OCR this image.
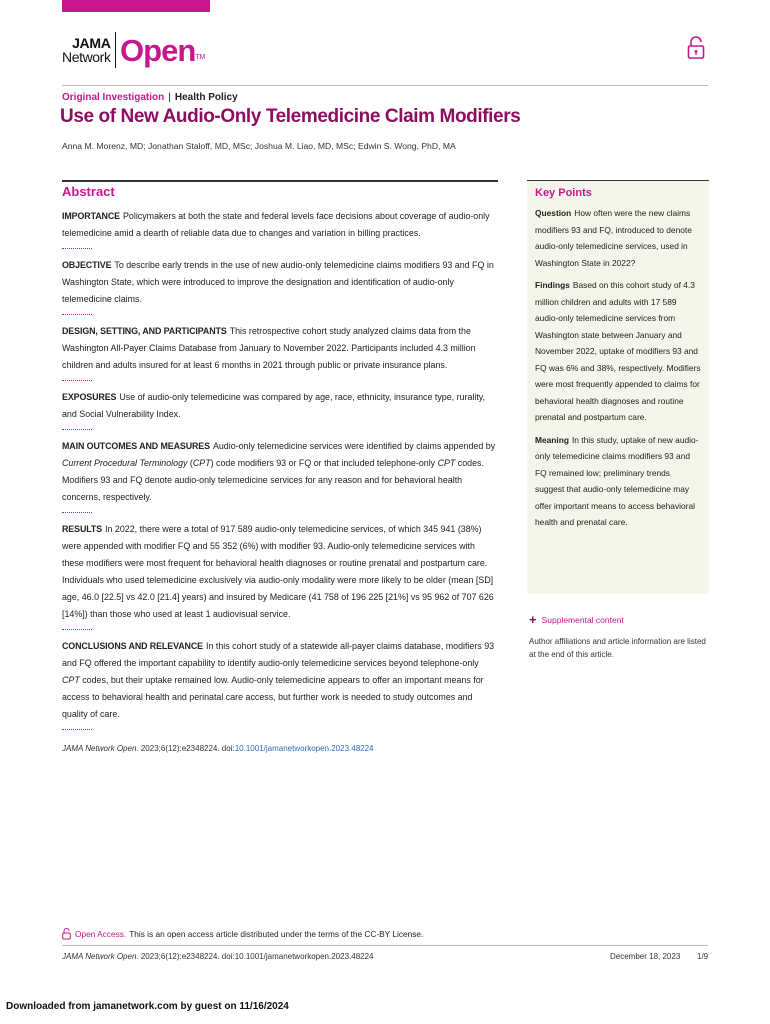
JAMA
Network Open TM
Original Investigation | Health Policy
Use of New Audio-Only Telemedicine Claim Modifiers
Anna M. Morenz, MD; Jonathan Staloff, MD, MSc; Joshua M. Liao, MD, MSc; Edwin S. Wong, PhD, MA
Abstract

IMPORTANCE Policymakers at both the state and federal levels face decisions about coverage of audio-only telemedicine amid a dearth of reliable data due to changes and variation in billing practices.

OBJECTIVE To describe early trends in the use of new audio-only telemedicine claims modifiers 93 and FQ in Washington State, which were introduced to improve the designation and identification of audio-only telemedicine claims.

DESIGN, SETTING, AND PARTICIPANTS This retrospective cohort study analyzed claims data from the Washington All-Payer Claims Database from January to November 2022. Participants included 4.3 million children and adults insured for at least 6 months in 2021 through public or private insurance plans.

EXPOSURES Use of audio-only telemedicine was compared by age, race, ethnicity, insurance type, rurality, and Social Vulnerability Index.

MAIN OUTCOMES AND MEASURES Audio-only telemedicine services were identified by claims appended by Current Procedural Terminology (CPT) code modifiers 93 or FQ or that included telephone-only CPT codes. Modifiers 93 and FQ denote audio-only telemedicine services for any reason and for behavioral health concerns, respectively.

RESULTS In 2022, there were a total of 917 589 audio-only telemedicine services, of which 345 941 (38%) were appended with modifier FQ and 55 352 (6%) with modifier 93. Audio-only telemedicine services with these modifiers were most frequent for behavioral health diagnoses or routine prenatal and postpartum care. Individuals who used telemedicine exclusively via audio-only modality were more likely to be older (mean [SD] age, 46.0 [22.5] vs 42.0 [21.4] years) and insured by Medicare (41 758 of 196 225 [21%] vs 95 962 of 707 626 [14%]) than those who used at least 1 audiovisual service.

CONCLUSIONS AND RELEVANCE In this cohort study of a statewide all-payer claims database, modifiers 93 and FQ offered the important capability to identify audio-only telemedicine services beyond telephone-only CPT codes, but their uptake remained low. Audio-only telemedicine appears to offer an important means for access to behavioral health and perinatal care access, but further work is needed to study outcomes and quality of care.

JAMA Network Open. 2023;6(12):e2348224. doi:10.1001/jamanetworkopen.2023.48224

Key Points

Question How often were the new claims modifiers 93 and FQ, introduced to denote audio-only telemedicine services, used in Washington State in 2022?

Findings Based on this cohort study of 4.3 million children and adults with 17 589 audio-only telemedicine services from Washington state between January and November 2022, uptake of modifiers 93 and FQ was 6% and 38%, respectively. Modifiers were most frequently appended to claims for behavioral health diagnoses and routine prenatal and postpartum care.

Meaning In this study, uptake of new audio-only telemedicine claims modifiers 93 and FQ remained low; preliminary trends suggest that audio-only telemedicine may offer important means to access behavioral health and prenatal care.

+ Supplemental content

Author affiliations and article information are listed at the end of this article.

Open Access. This is an open access article distributed under the terms of the CC-BY License.
JAMA Network Open. 2023;6(12):e2348224. doi:10.1001/jamanetworkopen.2023.48224	December 18, 2023 1/9
Downloaded from jamanetwork.com by guest on 11/16/2024
